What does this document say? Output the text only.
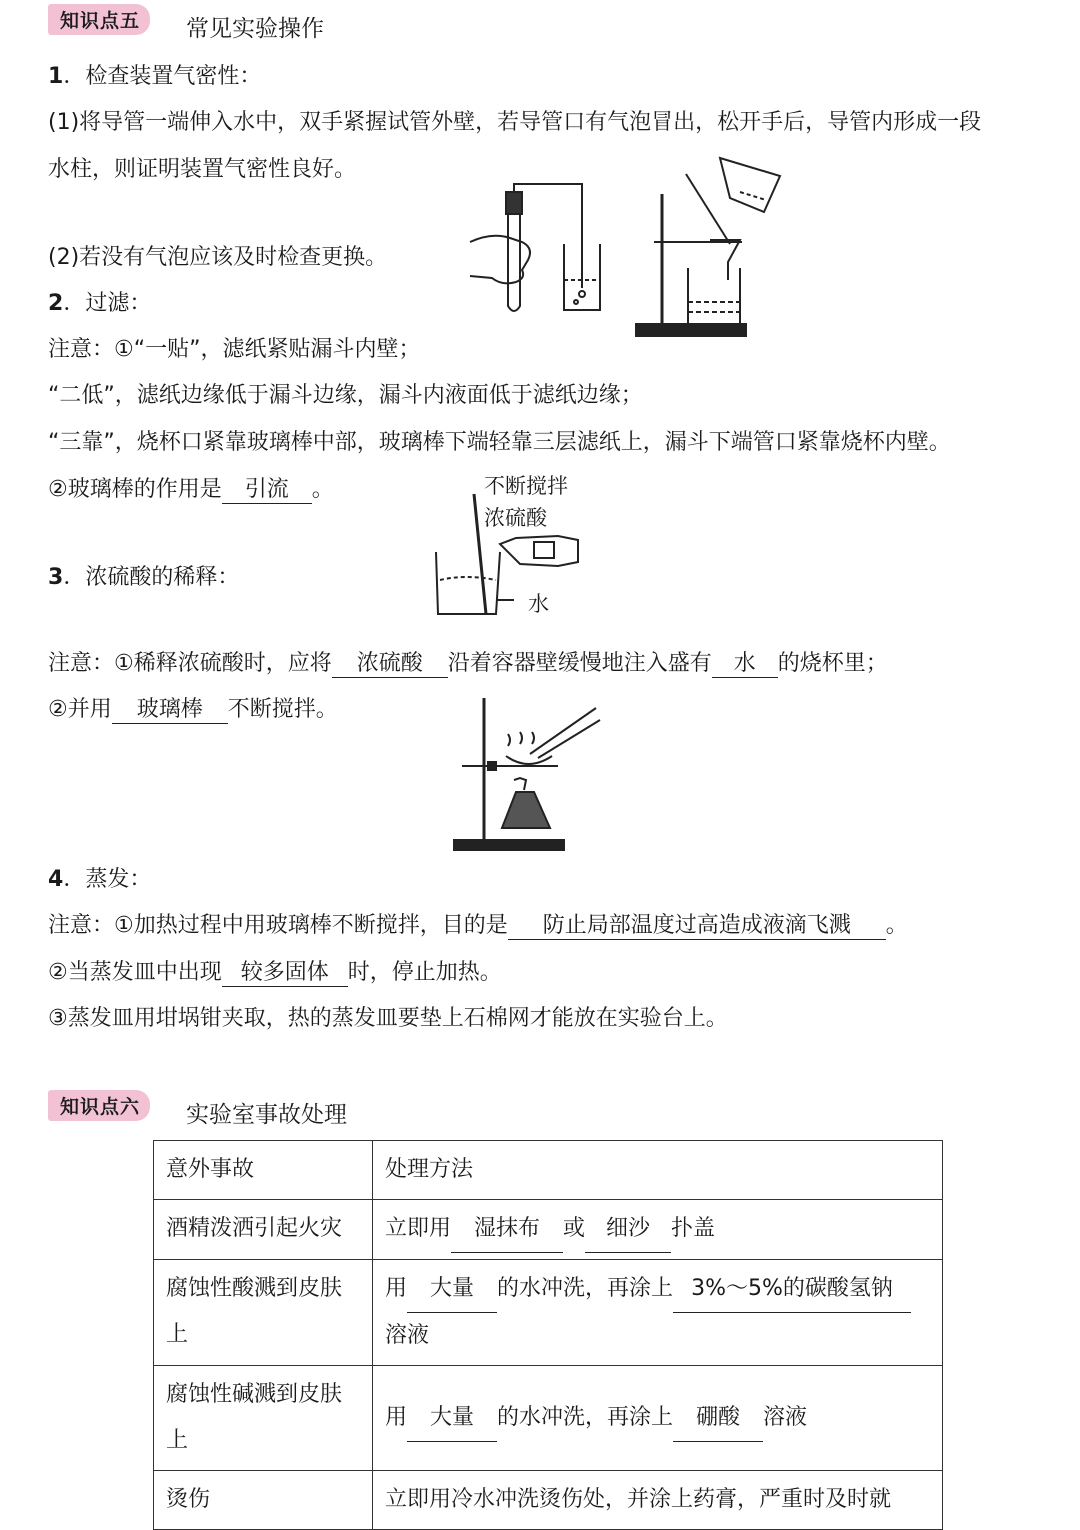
知识点五	常见实验操作
1．检查装置气密性：
(1)将导管一端伸入水中，双手紧握试管外壁，若导管口有气泡冒出，松开手后，导管内形成一段
水柱，则证明装置气密性良好。
(2)若没有气泡应该及时检查更换。
2．过滤：
注意：①“一贴”，滤纸紧贴漏斗内壁；
“二低”，滤纸边缘低于漏斗边缘，漏斗内液面低于滤纸边缘；
“三靠”，烧杯口紧靠玻璃棒中部，玻璃棒下端轻靠三层滤纸上，漏斗下端管口紧靠烧杯内壁。
②玻璃棒的作用是 引流 。	不断搅拌
浓硫酸
水
3．浓硫酸的稀释：
注意：①稀释浓硫酸时，应将 浓硫酸 沿着容器壁缓慢地注入盛有 水 的烧杯里；
②并用 玻璃棒 不断搅拌。
4．蒸发：
注意：①加热过程中用玻璃棒不断搅拌，目的是 防止局部温度过高造成液滴飞溅 。
②当蒸发皿中出现 较多固体 时，停止加热。
③蒸发皿用坩埚钳夹取，热的蒸发皿要垫上石棉网才能放在实验台上。
知识点六	实验室事故处理
意外事故	处理方法
酒精泼洒引起火灾	立即用 湿抹布 或 细沙 扑盖
腐蚀性酸溅到皮肤上	用 大量 的水冲洗，再涂上 3%～5%的碳酸氢钠
溶液
腐蚀性碱溅到皮肤上	用 大量 的水冲洗，再涂上 硼酸 溶液
烫伤	立即用冷水冲洗烫伤处，并涂上药膏，严重时及时就
